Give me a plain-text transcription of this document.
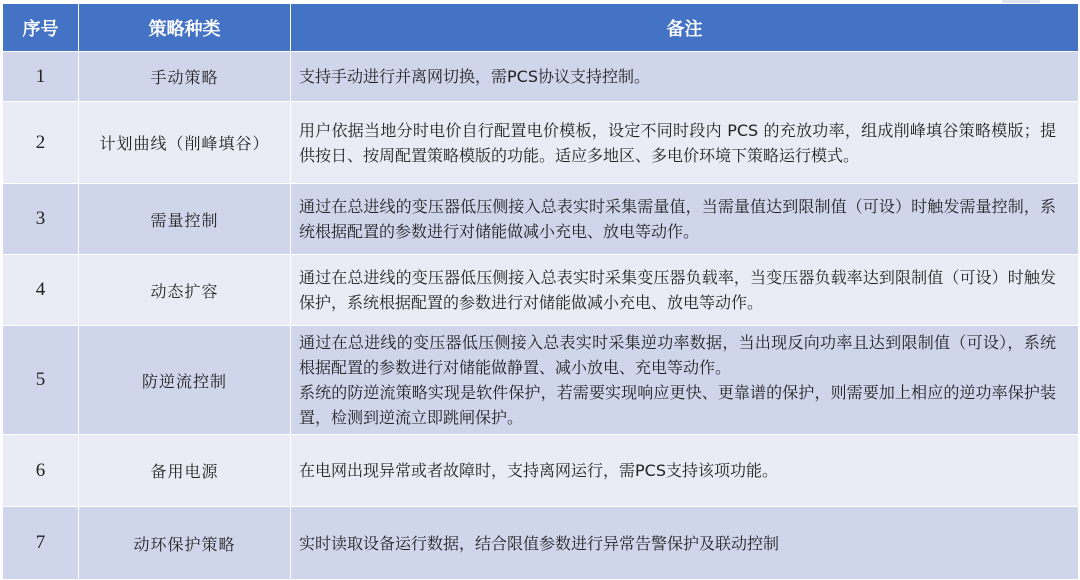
序号	策略种类	备注
1	手动策略	支持手动进行并离网切换，需PCS协议支持控制。

2	计划曲线（削峰填谷）	用户依据当地分时电价自行配置电价模板，设定不同时段内 PCS 的充放功率，组成削峰填谷策略模版；提供按日、按周配置策略模版的功能。适应多地区、多电价环境下策略运行模式。

3	需量控制	通过在总进线的变压器低压侧接入总表实时采集需量值，当需量值达到限制值（可设）时触发需量控制，系统根据配置的参数进行对储能做减小充电、放电等动作。

4	动态扩容	通过在总进线的变压器低压侧接入总表实时采集变压器负载率，当变压器负载率达到限制值（可设）时触发保护，系统根据配置的参数进行对储能做减小充电、放电等动作。

5	防逆流控制	通过在总进线的变压器低压侧接入总表实时采集逆功率数据，当出现反向功率且达到限制值（可设），系统根据配置的参数进行对储能做静置、减小放电、充电等动作。
系统的防逆流策略实现是软件保护，若需要实现响应更快、更靠谱的保护，则需要加上相应的逆功率保护装置，检测到逆流立即跳闸保护。

6	备用电源	在电网出现异常或者故障时，支持离网运行，需PCS支持该项功能。

7	动环保护策略	实时读取设备运行数据，结合限值参数进行异常告警保护及联动控制
